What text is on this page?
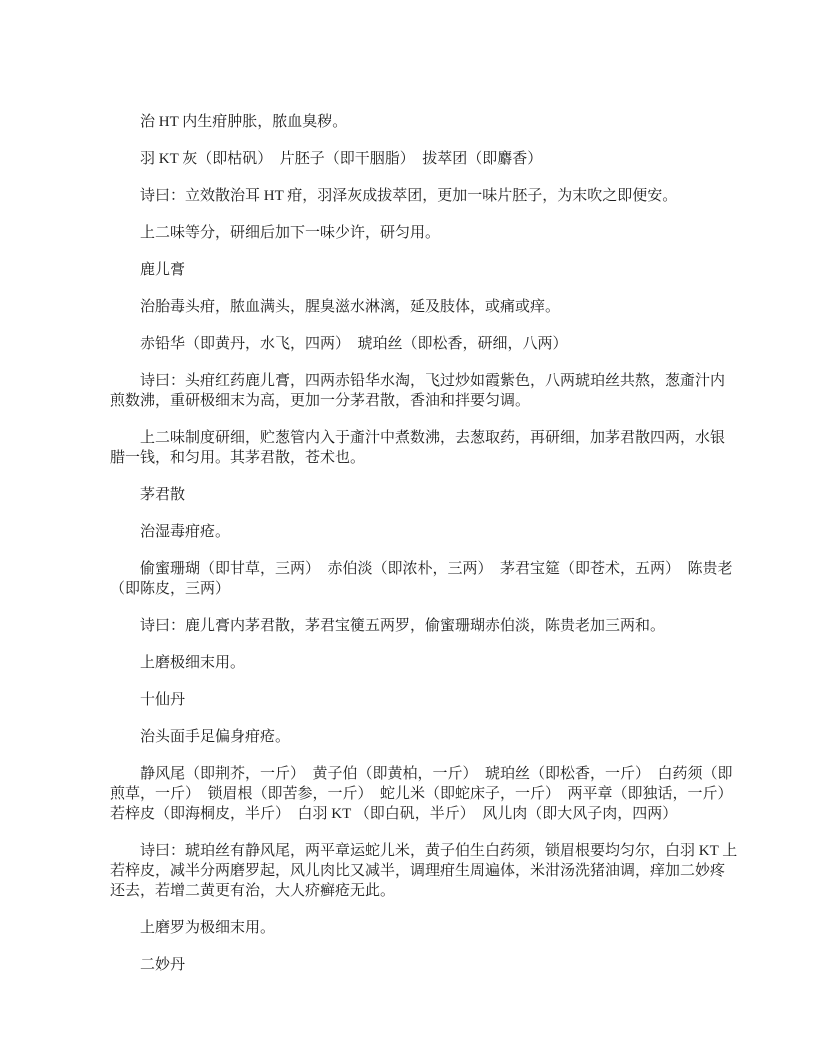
治 HT 内生疳肿胀，脓血臭秽。
羽 KT 灰（即枯矾）　片胚子（即干胭脂）　拔萃团（即麝香）
诗曰：立效散治耳 HT 疳，羽泽灰成拔萃团，更加一味片胚子，为末吹之即便安。
上二味等分，研细后加下一味少许，研匀用。
鹿儿膏
治胎毒头疳，脓血满头，腥臭滋水淋漓，延及肢体，或痛或痒。
赤铅华（即黄丹，水飞，四两）　琥珀丝（即松香，研细，八两）
诗曰：头疳红药鹿儿膏，四两赤铅华水淘，飞过炒如霞紫色，八两琥珀丝共熬，葱齑汁内
煎数沸，重研极细末为高，更加一分茅君散，香油和拌要匀调。
上二味制度研细，贮葱管内入于齑汁中煮数沸，去葱取药，再研细，加茅君散四两，水银
腊一钱，和匀用。其茅君散，苍术也。
茅君散
治湿毒疳疮。
偷蜜珊瑚（即甘草，三两）　赤伯淡（即浓朴，三两）　茅君宝筵（即苍术，五两）　陈贵老
（即陈皮，三两）
诗曰：鹿儿膏内茅君散，茅君宝箯五两罗，偷蜜珊瑚赤伯淡，陈贵老加三两和。
上磨极细末用。
十仙丹
治头面手足偏身疳疮。
静风尾（即荆芥，一斤）　黄子伯（即黄柏，一斤）　琥珀丝（即松香，一斤）　白药须（即
煎草，一斤）　锁眉根（即苦参，一斤）　蛇儿米（即蛇床子，一斤）　两平章（即独话，一斤）
若梓皮（即海桐皮，半斤）　白羽 KT （即白矾，半斤）　风儿肉（即大风子肉，四两）
诗曰：琥珀丝有静风尾，两平章运蛇儿米，黄子伯生白药须，锁眉根要均匀尔，白羽 KT 上
若梓皮，减半分两磨罗起，风儿肉比又减半，调理疳生周遍体，米泔汤洗猪油调，痒加二妙疼
还去，若增二黄更有治，大人疥癣疮无此。
上磨罗为极细末用。
二妙丹
